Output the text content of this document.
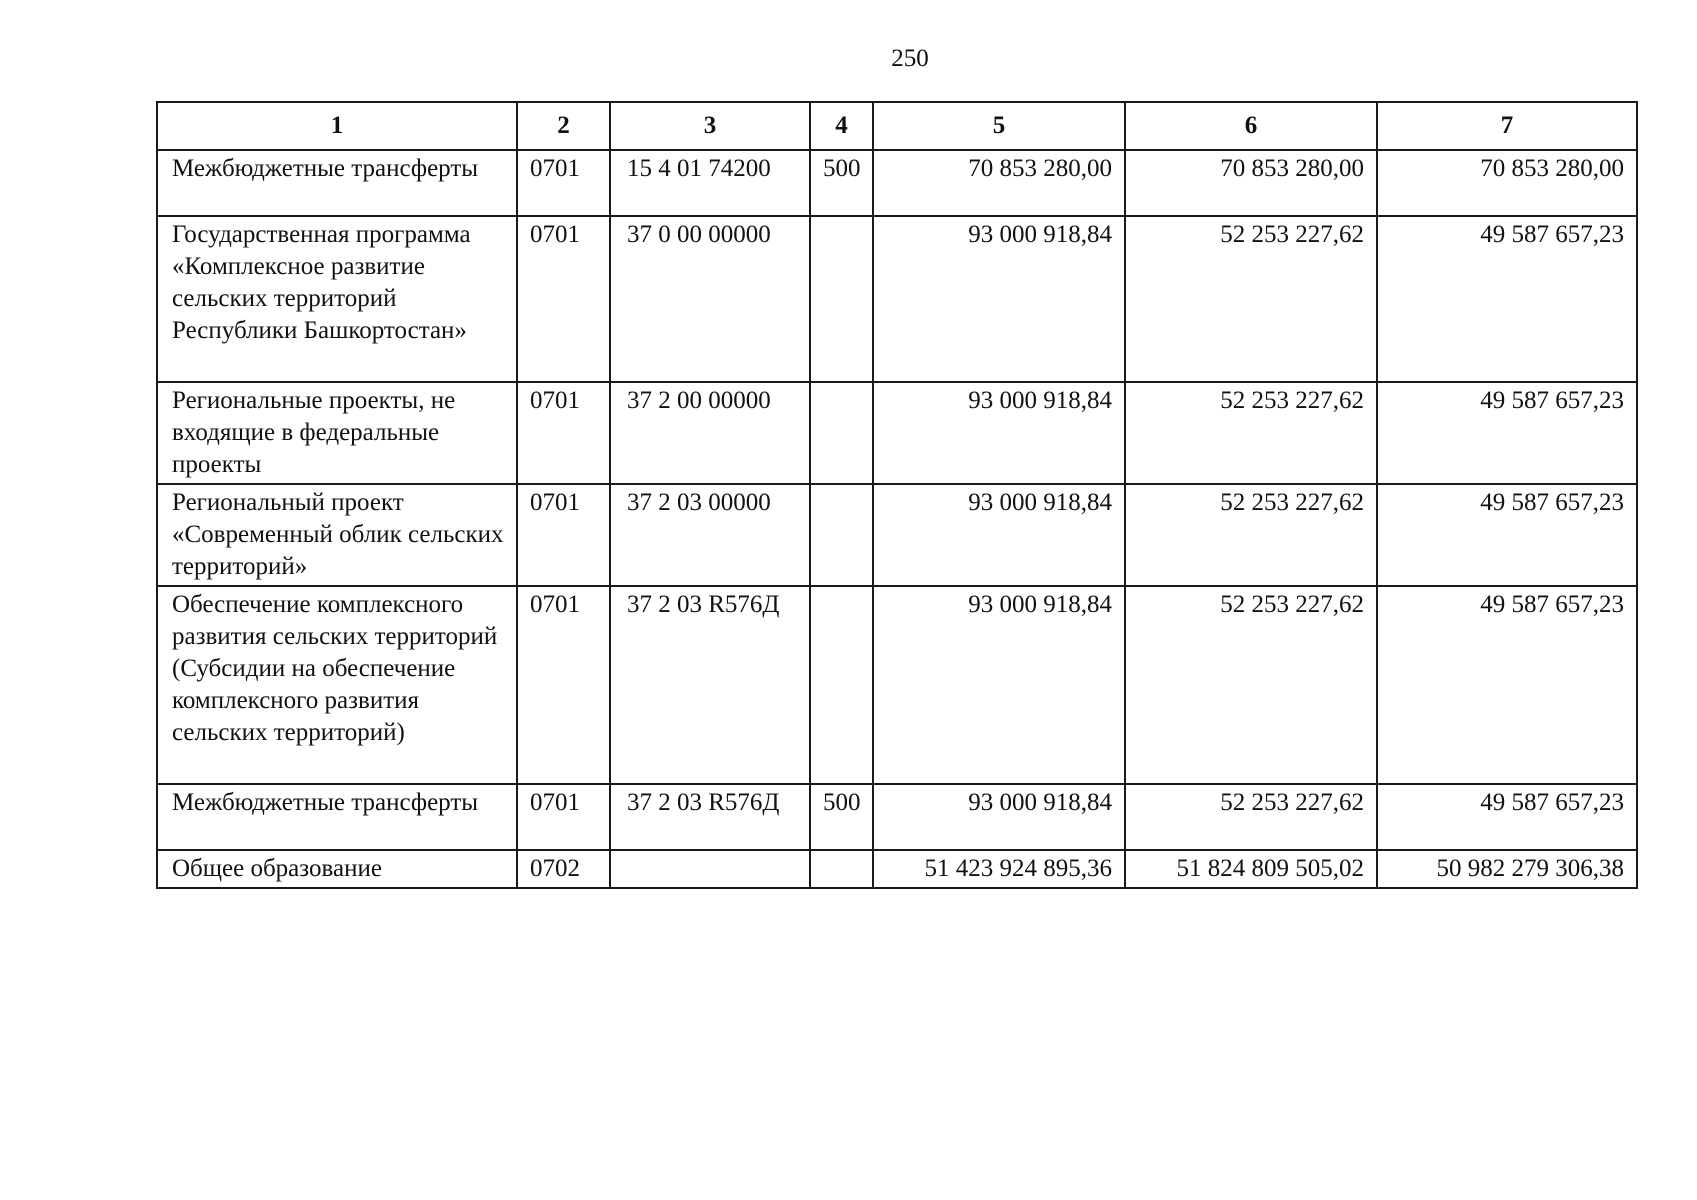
250
1	2	3	4	5	6	7
Межбюджетные трансферты	0701	15 4 01 74200	500	70 853 280,00	70 853 280,00	70 853 280,00
Государственная программа «Комплексное развитие сельских территорий Республики Башкортостан»	0701	37 0 00 00000		93 000 918,84	52 253 227,62	49 587 657,23
Региональные проекты, не входящие в федеральные проекты	0701	37 2 00 00000		93 000 918,84	52 253 227,62	49 587 657,23
Региональный проект «Современный облик сельских территорий»	0701	37 2 03 00000		93 000 918,84	52 253 227,62	49 587 657,23
Обеспечение комплексного развития сельских территорий (Субсидии на обеспечение комплексного развития сельских территорий)	0701	37 2 03 R576Д		93 000 918,84	52 253 227,62	49 587 657,23
Межбюджетные трансферты	0701	37 2 03 R576Д	500	93 000 918,84	52 253 227,62	49 587 657,23
Общее образование	0702			51 423 924 895,36	51 824 809 505,02	50 982 279 306,38
